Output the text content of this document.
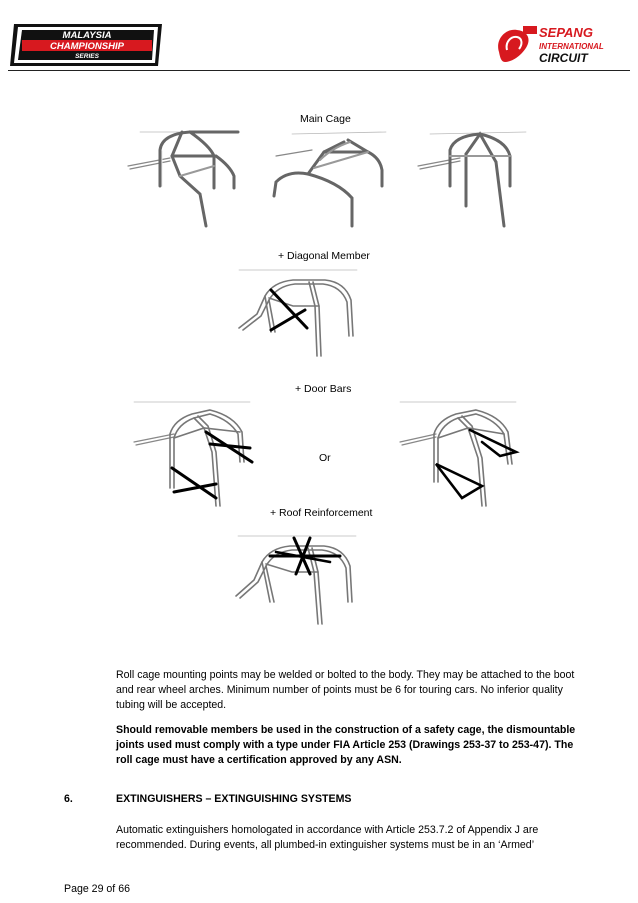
MALAYSIA
CHAMPIONSHIP
SERIES
SEPANG
INTERNATIONAL
CIRCUIT
Main Cage
+ Diagonal Member
+ Door Bars
Or
+ Roof Reinforcement

Roll cage mounting points may be welded or bolted to the body. They may be attached to the boot and rear wheel arches. Minimum number of points must be 6 for touring cars. No inferior quality tubing will be accepted.

Should removable members be used in the construction of a safety cage, the dismountable joints used must comply with a type under FIA Article 253 (Drawings 253-37 to 253-47). The roll cage must have a certification approved by any ASN.

6.	EXTINGUISHERS – EXTINGUISHING SYSTEMS

Automatic extinguishers homologated in accordance with Article 253.7.2 of Appendix J are recommended. During events, all plumbed-in extinguisher systems must be in an ‘Armed’

Page 29 of 66
